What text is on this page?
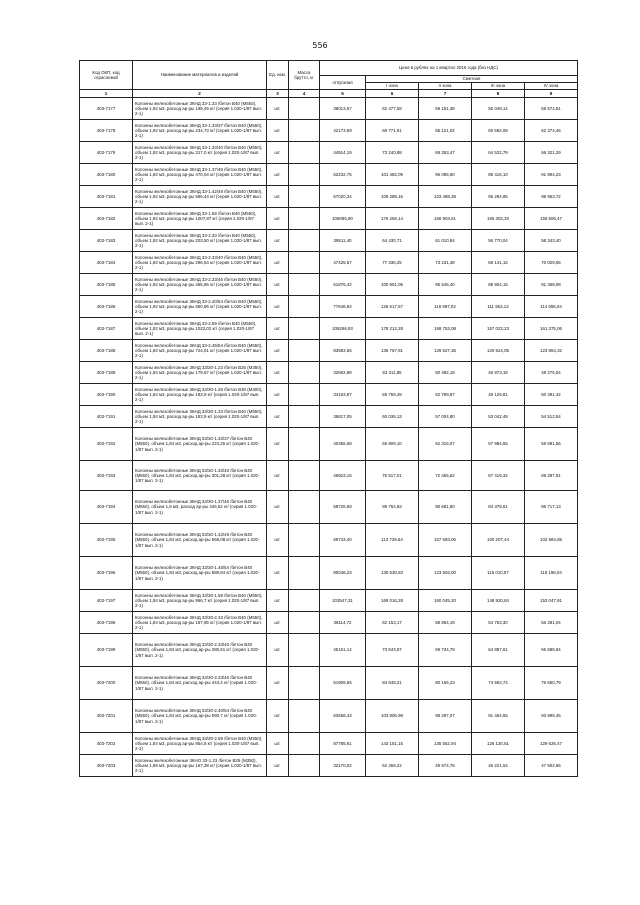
556
Код ОКП, код отраслевой	Наименование материалов и изделий	Ед. изм.	Масса брутто, кг	Цена в рублях на 1 квартал 2016 года (без НДС)				
				отпускная	Сметная			
					I зона	II зона	III зона	IV зона
1	2	3	4	5	6	7	8	9
403-7177	Колонны железобетонные 3КНД 33-1.33 /бетон В40 (М550), объем 1,92 м3, расход ар-ры 189,45 кг/ (серия 1.020-1/87 вып. 2-1)	шт.		38013,67	62 477,59	59 161,38	55 049,14	56 574,81
403-7178	Колонны железобетонные 3КНД 33-1.33/37 /бетон В40 (М550), объем 1,92 м3, расход ар-ры 234,73 кг/ (серия 1.020-1/87 вып. 2-1)	шт.		42173,59	68 771,91	65 121,02	60 592,09	62 274,46
403-7179	Колонны железобетонные 3КНД 33-1.33/40 /бетон В40 (М550), объем 1,92 м3, расход ар-ры 317,0 кг/ (серия 1.020-1/87 вып. 2-1)	шт.		44914,19	73 240,98	69 353,47	64 532,79	66 321,29
403-7180	Колонны железобетонные 3КНД 33-1.37/46 /бетон В40 (М550), объем 1,92 м3, расход ар-ры 470,04 кг/ (серия 1.020-1/87 вып. 2-1)	шт.		62232,75	101 482,09	96 095,60	89 416,10	91 894,23
403-7181	Колонны железобетонные 3КНД 33-1.42/49 /бетон В40 (М550), объем 1,92 м3, расход ар-ры 596,44 кг/ (серия 1.020-1/87 вып. 2-1)	шт.		67020,34	109 289,16	103 488,38	96 294,95	98 963,72
403-7182	Колонны железобетонные 3КНД 33-1.59 /бетон В40 (М550), объем 1,92 м3, расход ар-ры 1007,87 кг/ (серия 1.020-1/87 вып. 2-1)	шт.		108086,90	176 259,14	166 903,61	155 302,33	159 606,47
403-7183	Колонны железобетонные 3КНД 33-2.33 /бетон В40 (М550), объем 1,92 м3, расход ар-ры 203,50 кг/ (серия 1.020-1/87 вып. 2-1)	шт.		39511,40	64 430,71	61 010,84	56 770,04	58 343,40
403-7184	Колонны железобетонные 3КНД 33-2.33/40 /бетон В40 (М550), объем 1,92 м3, расход ар-ры 296,54 кг/ (серия 1.020-1/87 вып. 2-1)	шт.		47425,57	77 336,25	73 231,38	68 141,15	70 029,65
403-7185	Колонны железобетонные 3КНД 33-2.33/46 /бетон В40 (М550), объем 1,92 м3, расход ар-ры 465,86 кг/ (серия 1.020-1/87 вып. 2-1)	шт.		61876,42	100 901,05	95 545,40	88 904,15	91 368,08
403-7186	Колонны железобетонные 3КНД 33-2.40/54 /бетон В40 (М550), объем 1,92 м3, расход ар-ры 650,86 кг/ (серия 1.020-1/87 вып. 2-1)	шт.		77646,84	126 617,67	119 897,02	111 563,12	114 655,04
403-7187	Колонны железобетонные 3КНД 33-2.59 /бетон В40 (М550), объем 1,92 м3, расход ар-ры 1022,02 кг/ (серия 1.020-1/87 вып. 2-1)	шт.		109296,93	178 212,28	168 753,08	157 023,23	161 375,06
403-7188	Колонны железобетонные 3КНД 33-2.45/54 /бетон В40 (М550), объем 1,92 м3, расход ар-ры 724,01 кг/ (серия 1.020-1/87 вып. 2-1)	шт.		83583,56	136 767,81	129 527,35	120 524,05	123 864,32
403-7189	Колонны железобетонные 3КНД 33/30-1.23 /бетон В25 (М350), объем 1,84 м3, расход ар-ры 179,67 кг/ (серия 1.020-1/87 вып. 2-1)	шт.		32692,88	53 311,85	50 482,15	46 973,19	48 275,04
403-7190	Колонны железобетонные 3КНД 33/30-1.26 /бетон В30 (М400), объем 1,84 м3, расход ар-ры 183,9 кг/ (серия 1.020-1/87 вып. 2-1)	шт.		34193,87	55 759,49	52 799,87	49 129,81	50 491,42
403-7191	Колонны железобетонные 3КНД 33/30-1.33 /бетон В40 (М550), объем 1,84 м3, расход ар-ры 183,9 кг/ (серия 1.020-1/87 вып. 2-1)	шт.		36817,05	60 036,13	57 004,80	53 042,49	54 512,54
403-7192	Колонны железобетонные 3КНД 33/30-1.33/37 /бетон В40 (М550), объем 1,84 м3, расход ар-ры 224,25 кг/ (серия 1.020-1/87 вып. 2-1)	шт.		40356,68	65 809,10	62 316,07	57 984,55	59 591,56
403-7193	Колонны железобетонные 3КНД 33/30-1.33/40 /бетон В40 (М550), объем 1,84 м3, расход ар-ры 301,28 кг/ (серия 1.020-1/87 вып. 2-1)	шт.		46923,16	76 517,01	72 455,62	67 419,32	69 287,81
403-7194	Колонны железобетонные 3КНД 33/30-1.37/46 /бетон В40 (М550), объем 1,8 м3, расход ар-ры 446,52 кг/ (серия 1.020-1/87 вып. 2-1)	шт.		58726,69	95 764,93	90 681,80	84 378,61	86 717,13
403-7195	Колонны железобетонные 3КНД 33/30-1.42/49 /бетон В40 (М550), объем 1,84 м3, расход ар-ры 568,08 кг/ (серия 1.020-1/87 вып. 2-1)	шт.		69743,40	113 729,64	107 693,06	100 207,44	102 984,85
403-7196	Колонны железобетонные 3КНД 33/30-1.45/54 /бетон В40 (М550), объем 1,84 м3, расход ар-ры 689,84 кг/ (серия 1.020-1/87 вып. 2-1)	шт.		80046,23	130 530,53	123 602,00	115 010,57	118 198,04
403-7197	Колонны железобетонные 3КНД 33/30-1.59 /бетон В40 (М550), объем 1,84 м3, расход ар-ры 966,7 кг/ (серия 1.020-1/87 вып. 2-1)	шт.		103547,31	169 016,28	160 045,20	148 920,84	153 047,91
403-7198	Колонны железобетонные 3КНД 33/30-2.33 /бетон В40 (М550), объем 1,84 м3, расход ар-ры 197,85 кг/ (серия 1.020-1/87 вып. 2-1)	шт.		38114,72	62 153,17	58 854,19	54 763,30	56 281,04
403-7199	Колонны железобетонные 3КНД 33/30-2.33/40 /бетон В40 (М550), объем 1,84 м3, расход ар-ры 280,61 кг/ (серия 1.020-1/87 вып. 2-1)	шт.		45161,14	73 643,67	69 734,79	64 887,61	66 685,94
403-7200	Колонны железобетонные 3КНД 33/30-2.33/46 /бетон В40 (М550), объем 1,84 м3, расход ар-ры 443,4 кг/ (серия 1.020-1/87 вып. 2-1)	шт.		51909,55	84 648,21	80 155,23	74 583,74	76 650,79
403-7201	Колонны железобетонные 3КНД 33/30-2.40/54 /бетон В40 (М550), объем 1,84 м3, расход ар-ры 590,7 кг/ (серия 1.020-1/87 вып. 2-1)	шт.		63658,43	103 806,98	98 297,07	91 464,55	93 999,45
403-7202	Колонны железобетонные 3КНД 33/30-2.59 /бетон В40 (М550), объем 1,84 м3, расход ар-ры 954,8 кг/ (серия 1.020-1/87 вып. 2-1)	шт.		87785,61	143 151,15	135 552,94	126 130,61	129 626,47
403-7203	Колонны железобетонные 3КНО 33-1.23 /бетон В25 (М350), объем 1,89 м3, расход ар-ры 167,38 кг/ (серия 1.020-1/87 вып. 2-1)	шт.		32170,02	52 459,22	49 674,76	46 221,64	47 502,66
